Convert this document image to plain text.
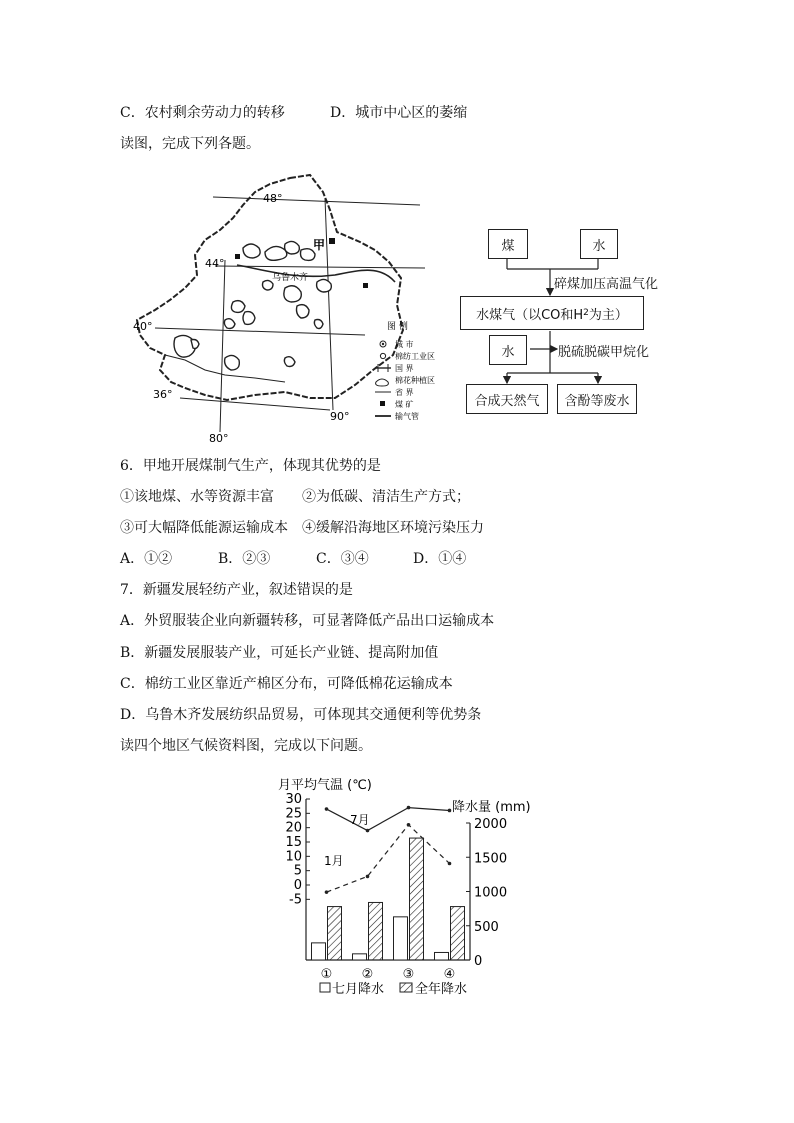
C．农村剩余劳动力的转移	D．城市中心区的萎缩
读图，完成下列各题。
48°
44°
40°
36°
80°
90°
甲
乌鲁木齐
图 例
城 市
棉纺工业区
国 界
棉花种植区
省 界
煤 矿
输气管
煤	水
碎煤加压高温气化
水煤气（以CO和H 2 为主）
水	脱硫脱碳甲烷化
合成天然气	含酚等废水
6．甲地开展煤制气生产，体现其优势的是
①该地煤、水等资源丰富 ②为低碳、清洁生产方式；
③可大幅降低能源运输成本 ④缓解沿海地区环境污染压力
A．①②	B．②③	C．③④	D．①④
7．新疆发展轻纺产业，叙述错误的是
A．外贸服装企业向新疆转移，可显著降低产品出口运输成本
B．新疆发展服装产业，可延长产业链、提高附加值
C．棉纺工业区靠近产棉区分布，可降低棉花运输成本
D．乌鲁木齐发展纺织品贸易，可体现其交通便利等优势条
读四个地区气候资料图，完成以下问题。
月平均气温 (℃)
降水量 (mm)
30
25
20
15
10
5
0
-5
2000
1500
1000
500
0
① ② ③ ④
7月
1月
七月降水 全年降水
